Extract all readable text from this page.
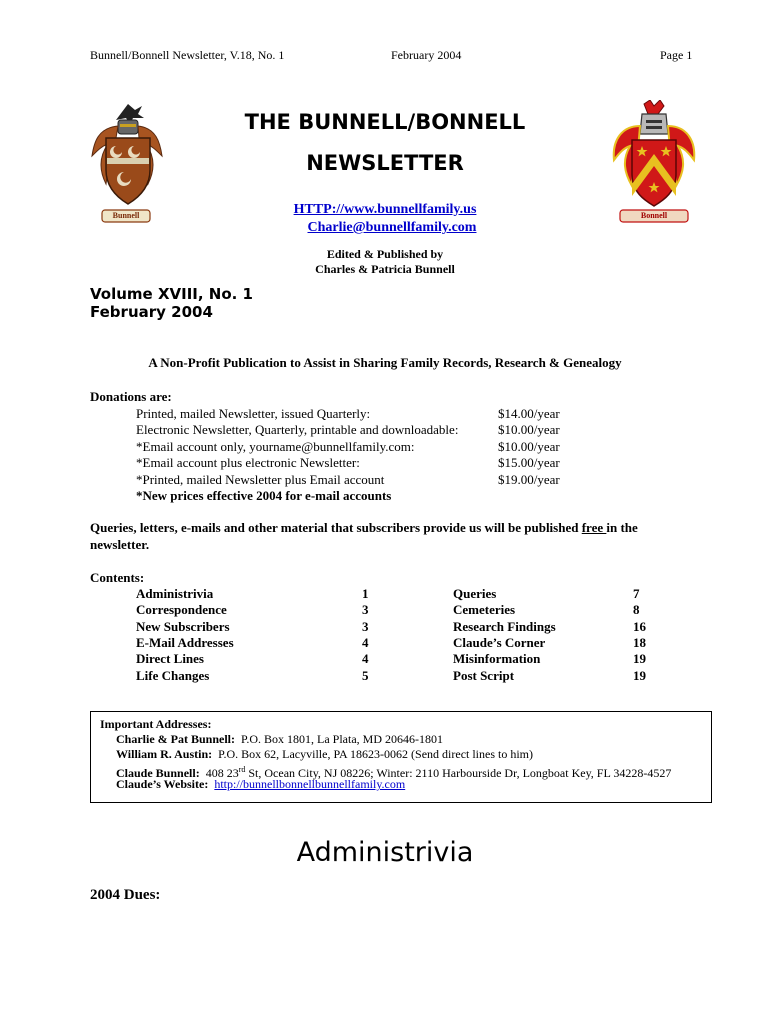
Bunnell/Bonnell Newsletter, V.18, No. 1	February 2004	Page 1
Bunnell	Bonnell
THE BUNNELL/BONNELL
NEWSLETTER
HTTP://www.bunnellfamily.us
Charlie@bunnellfamily.com
Edited & Published by
Charles & Patricia Bunnell
Volume XVIII, No. 1
February 2004
A Non-Profit Publication to Assist in Sharing Family Records, Research & Genealogy
Donations are:
Printed, mailed Newsletter, issued Quarterly:	$14.00/year
Electronic Newsletter, Quarterly, printable and downloadable:	$10.00/year
*Email account only, yourname@bunnellfamily.com:	$10.00/year
*Email account plus electronic Newsletter:	$15.00/year
*Printed, mailed Newsletter plus Email account	$19.00/year
*New prices effective 2004 for e-mail accounts
Queries, letters, e-mails and other material that subscribers provide us will be published free in the
newsletter.
Contents:
Administrivia	1
Correspondence	3
New Subscribers	3
E-Mail Addresses	4
Direct Lines	4
Life Changes	5
Queries	7
Cemeteries	8
Research Findings	16
Claude’s Corner	18
Misinformation	19
Post Script	19
Important Addresses:
Charlie & Pat Bunnell: P.O. Box 1801, La Plata, MD 20646-1801
William R. Austin: P.O. Box 62, Lacyville, PA 18623-0062 (Send direct lines to him)
Claude Bunnell: 408 23rd St, Ocean City, NJ 08226; Winter: 2110 Harbourside Dr, Longboat Key, FL 34228-4527
Claude’s Website: http://bunnellbonnellbunnellfamily.com
Administrivia
2004 Dues:
